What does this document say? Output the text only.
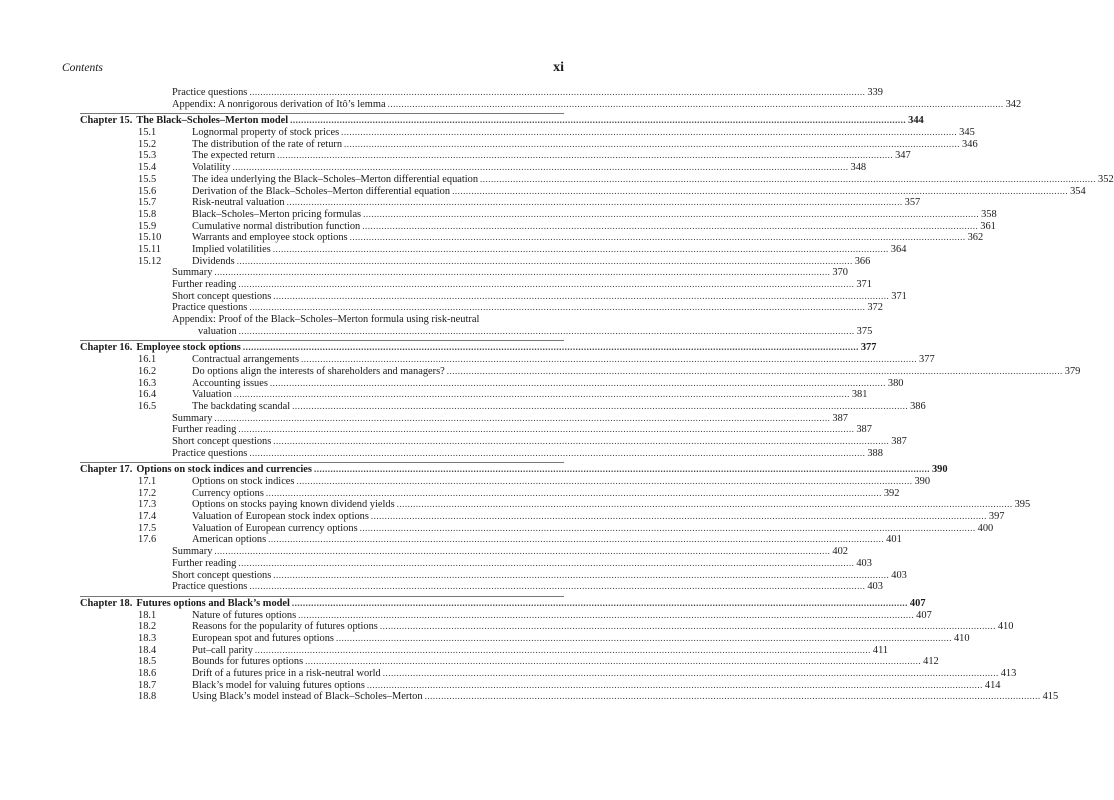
Contents	xi
Practice questions .....	339
Appendix: A nonrigorous derivation of Itô’s lemma .....	342
Chapter 15. The Black–Scholes–Merton model .....	344
15.1	Lognormal property of stock prices .....	345
15.2	The distribution of the rate of return .....	346
15.3	The expected return .....	347
15.4	Volatility .....	348
15.5	The idea underlying the Black–Scholes–Merton differential equation .....	352
15.6	Derivation of the Black–Scholes–Merton differential equation .....	354
15.7	Risk-neutral valuation .....	357
15.8	Black–Scholes–Merton pricing formulas .....	358
15.9	Cumulative normal distribution function .....	361
15.10	Warrants and employee stock options .....	362
15.11	Implied volatilities .....	364
15.12	Dividends .....	366
Summary .....	370
Further reading .....	371
Short concept questions .....	371
Practice questions .....	372
Appendix: Proof of the Black–Scholes–Merton formula using risk-neutral
valuation .....	375
Chapter 16. Employee stock options .....	377
16.1	Contractual arrangements .....	377
16.2	Do options align the interests of shareholders and managers? .....	379
16.3	Accounting issues .....	380
16.4	Valuation .....	381
16.5	The backdating scandal .....	386
Summary .....	387
Further reading .....	387
Short concept questions .....	387
Practice questions .....	388
Chapter 17. Options on stock indices and currencies .....	390
17.1	Options on stock indices .....	390
17.2	Currency options .....	392
17.3	Options on stocks paying known dividend yields .....	395
17.4	Valuation of European stock index options .....	397
17.5	Valuation of European currency options .....	400
17.6	American options .....	401
Summary .....	402
Further reading .....	403
Short concept questions .....	403
Practice questions .....	403
Chapter 18. Futures options and Black’s model .....	407
18.1	Nature of futures options .....	407
18.2	Reasons for the popularity of futures options .....	410
18.3	European spot and futures options .....	410
18.4	Put–call parity .....	411
18.5	Bounds for futures options .....	412
18.6	Drift of a futures price in a risk-neutral world .....	413
18.7	Black’s model for valuing futures options .....	414
18.8	Using Black’s model instead of Black–Scholes–Merton .....	415
